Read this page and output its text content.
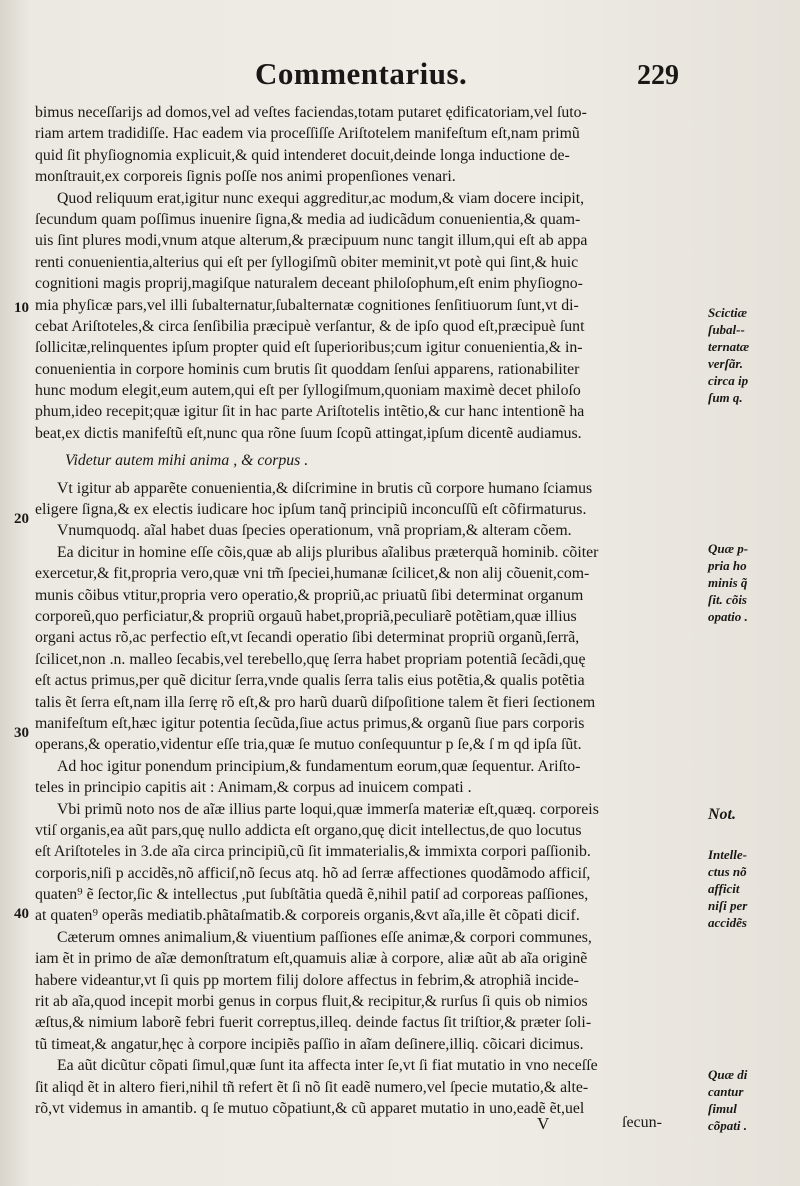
Commentarius.	229
bimus neceſſarijs ad domos,vel ad veſtes faciendas,totam putaret ędificatoriam,vel ſuto-
riam artem tradidiſſe. Hac eadem via proceſſiſſe Ariſtotelem manifeſtum eſt,nam primũ
quid ſit phyſiognomia explicuit,& quid intenderet docuit,deinde longa inductione de-
monſtrauit,ex corporeis ſignis poſſe nos animi propenſiones venari.
Quod reliquum erat,igitur nunc exequi aggreditur,ac modum,& viam docere incipit,
ſecundum quam poſſimus inuenire ſigna,& media ad iudicãdum conuenientia,& quam-
uis ſint plures modi,vnum atque alterum,& præcipuum nunc tangit illum,qui eſt ab appa
renti conuenientia,alterius qui eſt per ſyllogiſmũ obiter meminit,vt potè qui ſint,& huic
cognitioni magis proprij,magiſque naturalem deceant philoſophum,eſt enim phyſiogno-
mia phyſicæ pars,vel illi ſubalternatur,ſubalternatæ cognitiones ſenſitiuorum ſunt,vt di-
cebat Ariſtoteles,& circa ſenſibilia præcipuè verſantur, & de ipſo quod eſt,præcipuè ſunt
ſollicitæ,relinquentes ipſum propter quid eſt ſuperioribus;cum igitur conuenientia,& in-
conuenientia in corpore hominis cum brutis ſit quoddam ſenſui apparens, rationabiliter
hunc modum elegit,eum autem,qui eſt per ſyllogiſmum,quoniam maximè decet philoſo
phum,ideo recepit;quæ igitur ſit in hac parte Ariſtotelis intẽtio,& cur hanc intentionẽ ha
beat,ex dictis manifeſtũ eſt,nunc qua rõne ſuum ſcopũ attingat,ipſum dicentẽ audiamus.
Videtur autem mihi anima , & corpus .
Vt igitur ab apparẽte conuenientia,& diſcrimine in brutis cũ corpore humano ſciamus
eligere ſigna,& ex electis iudicare hoc ipſum tanq̃ principiũ inconcuſſũ eſt cõfirmaturus.
Vnumquodq. aĩal habet duas ſpecies operationum, vnã propriam,& alteram cõem.
Ea dicitur in homine eſſe cõis,quæ ab alijs pluribus aĩalibus præterquã hominib. cõiter
exercetur,& fit,propria vero,quæ vni tm̃ ſpeciei,humanæ ſcilicet,& non alij cõuenit,com-
munis cõibus vtitur,propria vero operatio,& propriũ,ac priuatũ ſibi determinat organum
corporeũ,quo perficiatur,& propriũ orgauũ habet,propriã,peculiarẽ potẽtiam,quæ illius
organi actus rõ,ac perfectio eſt,vt ſecandi operatio ſibi determinat propriũ organũ,ſerrã,
ſcilicet,non .n. malleo ſecabis,vel terebello,quę ſerra habet propriam potentiã ſecãdi,quę
eſt actus primus,per quẽ dicitur ſerra,vnde qualis ſerra talis eius potẽtia,& qualis potẽtia
talis ẽt ſerra eſt,nam illa ſerrę rõ eſt,& pro harũ duarũ diſpoſitione talem ẽt fieri ſectionem
manifeſtum eſt,hæc igitur potentia ſecũda,ſiue actus primus,& organũ ſiue pars corporis
operans,& operatio,videntur eſſe tria,quæ ſe mutuo conſequuntur p ſe,& ſ m qd ipſa ſũt.
Ad hoc igitur ponendum principium,& fundamentum eorum,quæ ſequentur. Ariſto-
teles in principio capitis ait : Animam,& corpus ad inuicem compati .
Vbi primũ noto nos de aĩæ illius parte loqui,quæ immerſa materiæ eſt,quæq. corporeis
vtiſ organis,ea aũt pars,quę nullo addicta eſt organo,quę dicit intellectus,de quo locutus
eſt Ariſtoteles in 3.de aĩa circa principiũ,cũ ſit immaterialis,& immixta corpori paſſionib.
corporis,niſi p accidẽs,nõ afficiſ,nõ ſecus atq. hõ ad ſerræ affectiones quodãmodo afficiſ,
quaten⁹ ẽ ſector,ſic & intellectus ,put ſubſtãtia quedã ẽ,nihil patiſ ad corporeas paſſiones,
at quaten⁹ operãs mediatib.phãtaſmatib.& corporeis organis,&vt aĩa,ille ẽt cõpati dicif.
Cæterum omnes animalium,& viuentium paſſiones eſſe animæ,& corpori communes,
iam ẽt in primo de aĩæ demonſtratum eſt,quamuis aliæ à corpore, aliæ aũt ab aĩa originẽ
habere videantur,vt ſi quis pp mortem filij dolore affectus in febrim,& atrophiã incide-
rit ab aĩa,quod incepit morbi genus in corpus fluit,& recipitur,& rurſus ſi quis ob nimios
æſtus,& nimium laborẽ febri fuerit correptus,illeq. deinde factus ſit triſtior,& præter ſoli-
tũ timeat,& angatur,hęc à corpore incipiẽs paſſio in aĩam deſinere,illiq. cõicari dicimus.
Ea aũt dicũtur cõpati ſimul,quæ ſunt ita affecta inter ſe,vt ſi fiat mutatio in vno neceſſe
ſit aliqd ẽt in altero fieri,nihil tñ refert ẽt ſi nõ ſit eadẽ numero,vel ſpecie mutatio,& alte-
rõ,vt videmus in amantib. q ſe mutuo cõpatiunt,& cũ apparet mutatio in uno,eadẽ ẽt,uel
10
20
30
40
Scictiæ
ſubal--
ternatæ
verſãr.
circa ip
ſum q.
Quæ p-
pria ho
minis q̃
ſit. cõis
opatio .
Not.
Intelle-
ctus nõ
afficit
niſi per
accidẽs
Quæ di
cantur
ſimul
cõpati .
V	ſecun-
